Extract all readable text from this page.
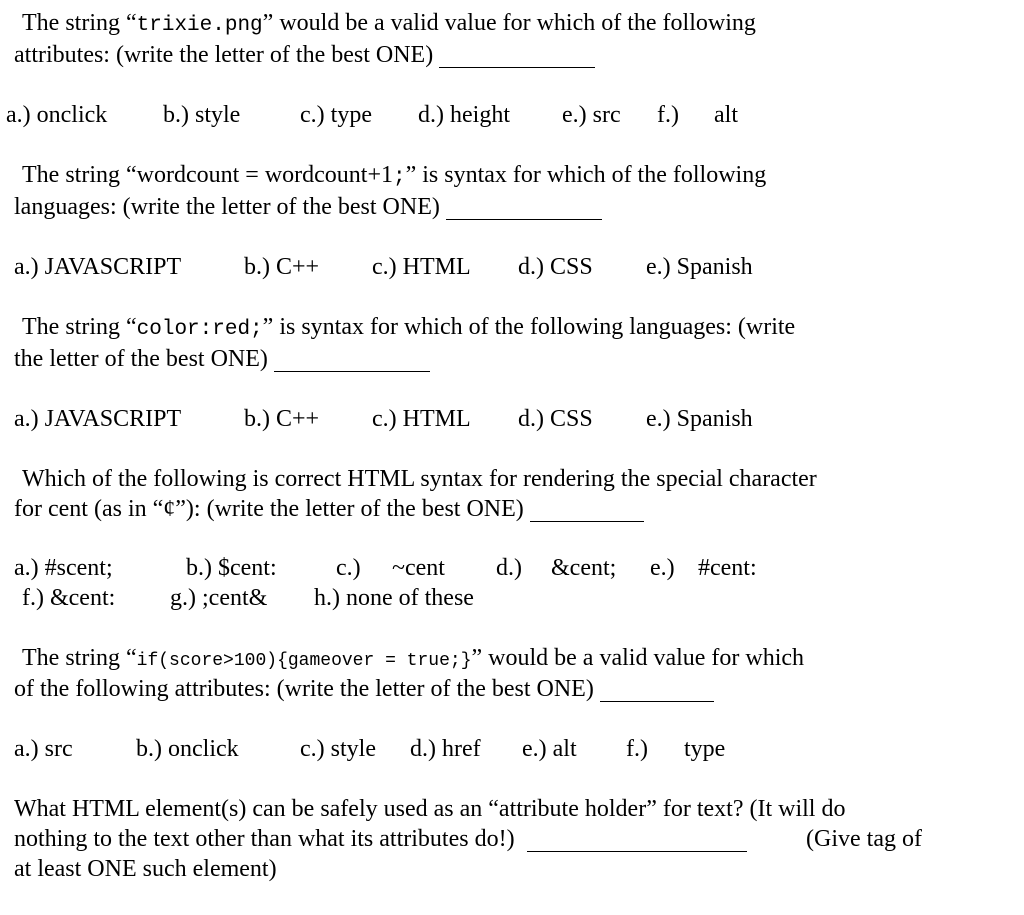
The string “trixie.png” would be a valid value for which of the following
attributes: (write the letter of the best ONE)
a.) onclick b.) style c.) type d.) height e.) src f.) alt
The string “wordcount = wordcount+1;” is syntax for which of the following
languages: (write the letter of the best ONE)
a.) JAVASCRIPT	b.) C++ c.) HTML d.) CSS e.) Spanish
The string “color:red;” is syntax for which of the following languages: (write
the letter of the best ONE)
a.) JAVASCRIPT	b.) C++ c.) HTML d.) CSS e.) Spanish
Which of the following is correct HTML syntax for rendering the special character
for cent (as in “¢”): (write the letter of the best ONE)
a.) #scent;	b.) $cent: c.) ~cent d.) &cent; e.) #cent:
f.) &cent: g.) ;cent& h.) none of these
The string “if(score>100){gameover = true;}” would be a valid value for which
of the following attributes: (write the letter of the best ONE)
a.) src	b.) onclick	c.) style d.) href e.) alt f.) type
What HTML element(s) can be safely used as an “attribute holder” for text? (It will do
nothing to the text other than what its attributes do!)	(Give tag of
at least ONE such element)
